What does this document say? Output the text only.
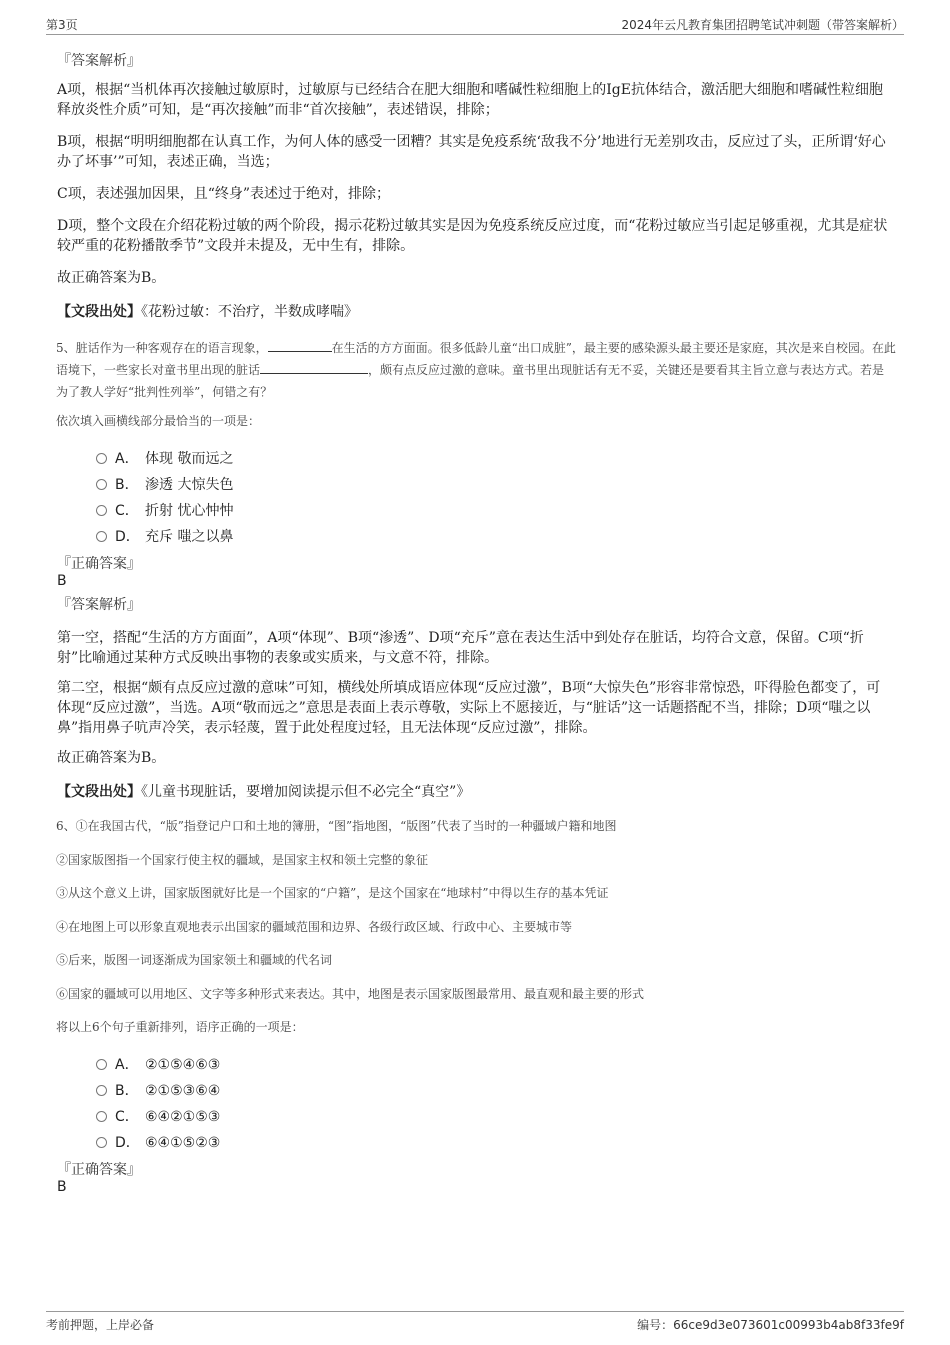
第3页	2024年云凡教育集团招聘笔试冲刺题（带答案解析）
『答案解析』
A项，根据“当机体再次接触过敏原时，过敏原与已经结合在肥大细胞和嗜碱性粒细胞上的IgE抗体结合，激活肥大细胞和嗜碱性粒细胞释放炎性介质”可知，是“再次接触”而非“首次接触”，表述错误，排除；
B项，根据“明明细胞都在认真工作，为何人体的感受一团糟？其实是免疫系统‘敌我不分’地进行无差别攻击，反应过了头，正所谓‘好心办了坏事’”可知，表述正确，当选；
C项，表述强加因果，且“终身”表述过于绝对，排除；
D项，整个文段在介绍花粉过敏的两个阶段，揭示花粉过敏其实是因为免疫系统反应过度，而“花粉过敏应当引起足够重视，尤其是症状较严重的花粉播散季节”文段并未提及，无中生有，排除。
故正确答案为B。
【文段出处】《花粉过敏：不治疗，半数成哮喘》
5、脏话作为一种客观存在的语言现象，	在生活的方方面面。很多低龄儿童“出口成脏”，最主要的感染源头最主要还是家庭，其次是来自校园。在此语境下，一些家长对童书里出现的脏话	，颇有点反应过激的意味。童书里出现脏话有无不妥，关键还是要看其主旨立意与表达方式。若是为了教人学好“批判性列举”，何错之有？
依次填入画横线部分最恰当的一项是：
A． 体现 敬而远之
B． 渗透 大惊失色
C． 折射 忧心忡忡
D． 充斥 嗤之以鼻
『正确答案』
B
『答案解析』
第一空，搭配“生活的方方面面”，A项“体现”、B项“渗透”、D项“充斥”意在表达生活中到处存在脏话，均符合文意，保留。C项“折射”比喻通过某种方式反映出事物的表象或实质来，与文意不符，排除。
第二空，根据“颇有点反应过激的意味”可知，横线处所填成语应体现“反应过激”，B项“大惊失色”形容非常惊恐，吓得脸色都变了，可体现“反应过激”，当选。A项“敬而远之”意思是表面上表示尊敬，实际上不愿接近，与“脏话”这一话题搭配不当，排除；D项“嗤之以鼻”指用鼻子吭声冷笑，表示轻蔑，置于此处程度过轻，且无法体现“反应过激”，排除。
故正确答案为B。
【文段出处】《儿童书现脏话，要增加阅读提示但不必完全“真空”》
6、①在我国古代，“版”指登记户口和土地的簿册，“图”指地图，“版图”代表了当时的一种疆域户籍和地图
②国家版图指一个国家行使主权的疆域，是国家主权和领土完整的象征
③从这个意义上讲，国家版图就好比是一个国家的“户籍”，是这个国家在“地球村”中得以生存的基本凭证
④在地图上可以形象直观地表示出国家的疆域范围和边界、各级行政区域、行政中心、主要城市等
⑤后来，版图一词逐渐成为国家领土和疆域的代名词
⑥国家的疆域可以用地区、文字等多种形式来表达。其中，地图是表示国家版图最常用、最直观和最主要的形式
将以上6个句子重新排列，语序正确的一项是：
A． ②①⑤④⑥③
B． ②①⑤③⑥④
C． ⑥④②①⑤③
D． ⑥④①⑤②③
『正确答案』
B
考前押题，上岸必备	编号：66ce9d3e073601c00993b4ab8f33fe9f
